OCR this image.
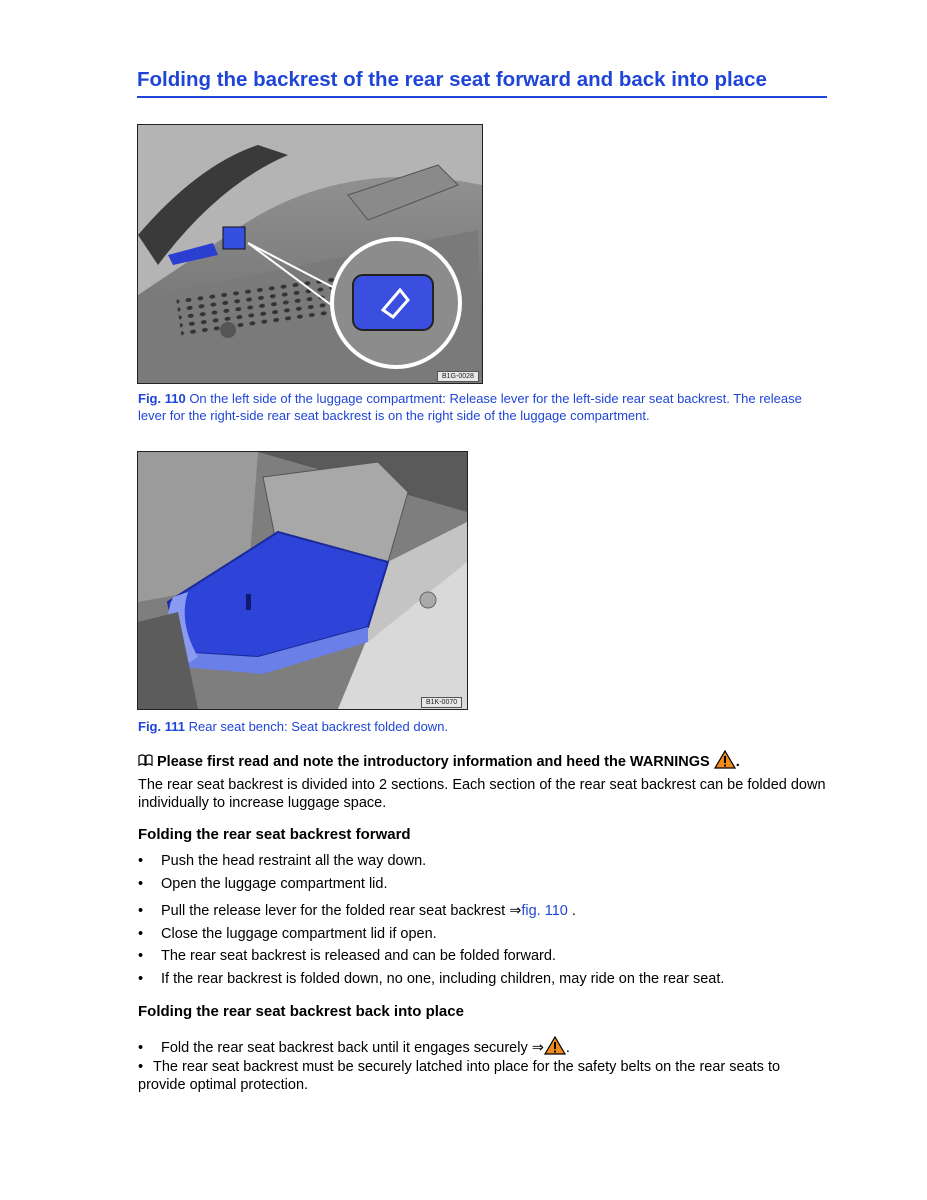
Folding the backrest of the rear seat forward and back into place
B1G-0028

Fig. 110 On the left side of the luggage compartment: Release lever for the left-side rear seat backrest. The release lever for the right-side rear seat backrest is on the right side of the luggage compartment.

B1K-0070

Fig. 111 Rear seat bench: Seat backrest folded down.

Please first read and note the introductory information and heed the WARNINGS .

The rear seat backrest is divided into 2 sections. Each section of the rear seat backrest can be folded down individually to increase luggage space.

Folding the rear seat backrest forward

• Push the head restraint all the way down.

• Open the luggage compartment lid.

• Pull the release lever for the folded rear seat backrest ⇒fig. 110 .

• Close the luggage compartment lid if open.

• The rear seat backrest is released and can be folded forward.

• If the rear backrest is folded down, no one, including children, may ride on the rear seat.

Folding the rear seat backrest back into place

• Fold the rear seat backrest back until it engages securely ⇒ .

• The rear seat backrest must be securely latched into place for the safety belts on the rear seats to provide optimal protection.
